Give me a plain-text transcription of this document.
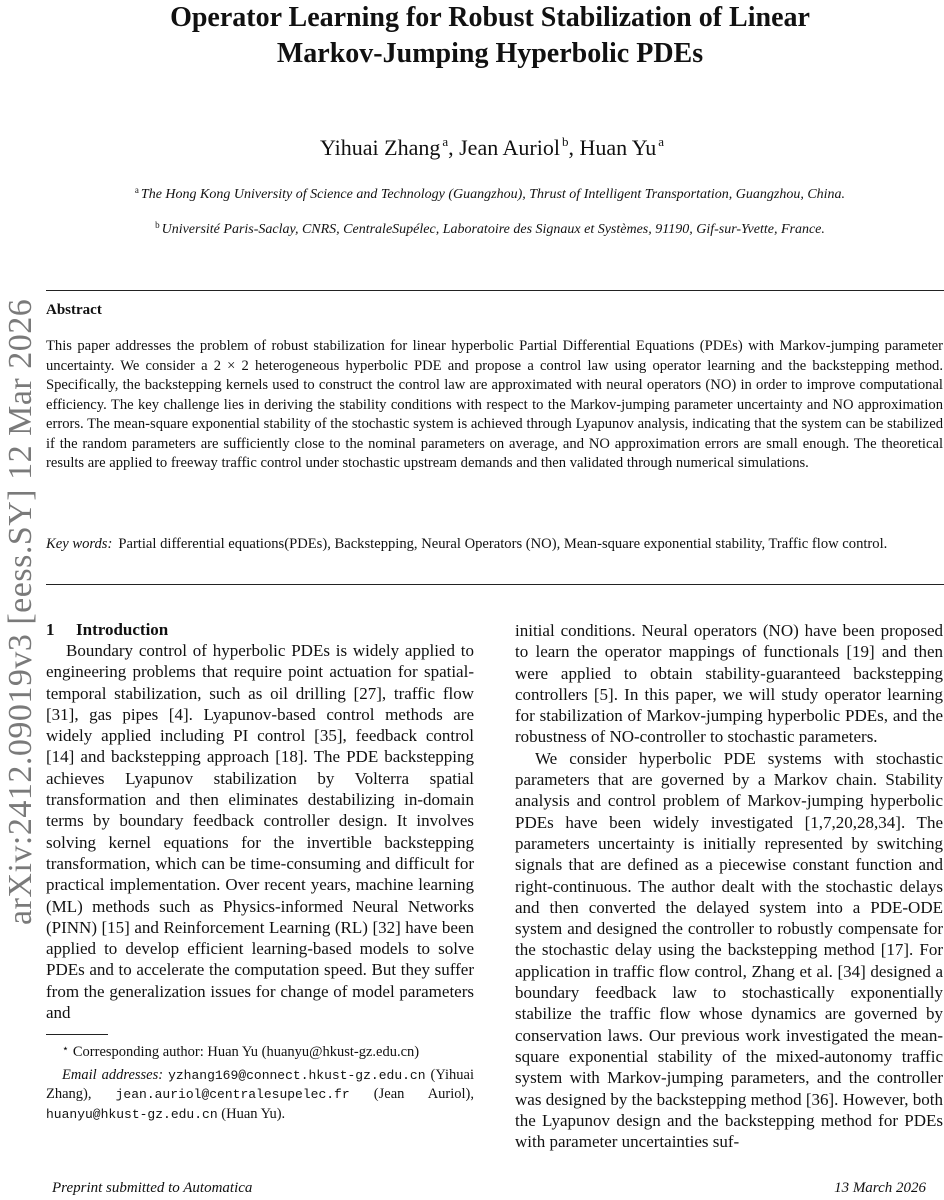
arXiv:2412.09019v3 [eess.SY] 12 Mar 2026
Operator Learning for Robust Stabilization of Linear
Markov-Jumping Hyperbolic PDEs
Yihuai Zhang $^a$, Jean Auriol $^b$, Huan Yu $^a$
$^a$ The Hong Kong University of Science and Technology (Guangzhou), Thrust of Intelligent Transportation, Guangzhou, China.
$^b$ Université Paris-Saclay, CNRS, CentraleSupélec, Laboratoire des Signaux et Systèmes, 91190, Gif-sur-Yvette, France.
Abstract
This paper addresses the problem of robust stabilization for linear hyperbolic Partial Differential Equations (PDEs) with Markov-jumping parameter uncertainty. We consider a 2 × 2 heterogeneous hyperbolic PDE and propose a control law using operator learning and the backstepping method. Specifically, the backstepping kernels used to construct the control law are approximated with neural operators (NO) in order to improve computational efficiency. The key challenge lies in deriving the stability conditions with respect to the Markov-jumping parameter uncertainty and NO approximation errors. The mean-square exponential stability of the stochastic system is achieved through Lyapunov analysis, indicating that the system can be stabilized if the random parameters are sufficiently close to the nominal parameters on average, and NO approximation errors are small enough. The theoretical results are applied to freeway traffic control under stochastic upstream demands and then validated through numerical simulations.
Key words: Partial differential equations(PDEs), Backstepping, Neural Operators (NO), Mean-square exponential stability, Traffic flow control.
1 Introduction

Boundary control of hyperbolic PDEs is widely applied to engineering problems that require point actuation for spatial-temporal stabilization, such as oil drilling [27], traffic flow [31], gas pipes [4]. Lyapunov-based control methods are widely applied including PI control [35], feedback control [14] and backstepping approach [18]. The PDE backstepping achieves Lyapunov stabilization by Volterra spatial transformation and then eliminates destabilizing in-domain terms by boundary feedback controller design. It involves solving kernel equations for the invertible backstepping transformation, which can be time-consuming and difficult for practical implementation. Over recent years, machine learning (ML) methods such as Physics-informed Neural Networks (PINN) [15] and Reinforcement Learning (RL) [32] have been applied to develop efficient learning-based models to solve PDEs and to accelerate the computation speed. But they suffer from the generalization issues for change of model parameters and

initial conditions. Neural operators (NO) have been proposed to learn the operator mappings of functionals [19] and then were applied to obtain stability-guaranteed backstepping controllers [5]. In this paper, we will study operator learning for stabilization of Markov-jumping hyperbolic PDEs, and the robustness of NO-controller to stochastic parameters.

We consider hyperbolic PDE systems with stochastic parameters that are governed by a Markov chain. Stability analysis and control problem of Markov-jumping hyperbolic PDEs have been widely investigated [1,7,20,28,34]. The parameters uncertainty is initially represented by switching signals that are defined as a piecewise constant function and right-continuous. The author dealt with the stochastic delays and then converted the delayed system into a PDE-ODE system and designed the controller to robustly compensate for the stochastic delay using the backstepping method [17]. For application in traffic flow control, Zhang et al. [34] designed a boundary feedback law to stochastically exponentially stabilize the traffic flow whose dynamics are governed by conservation laws. Our previous work investigated the mean-square exponential stability of the mixed-autonomy traffic system with Markov-jumping parameters, and the controller was designed by the backstepping method [36]. However, both the Lyapunov design and the backstepping method for PDEs with parameter uncertainties suf-

⋆ Corresponding author: Huan Yu (huanyu@hkust-gz.edu.cn)

Email addresses: yzhang169@connect.hkust-gz.edu.cn (Yihuai Zhang), jean.auriol@centralesupelec.fr (Jean Auriol), huanyu@hkust-gz.edu.cn (Huan Yu).

Preprint submitted to Automatica	13 March 2026
